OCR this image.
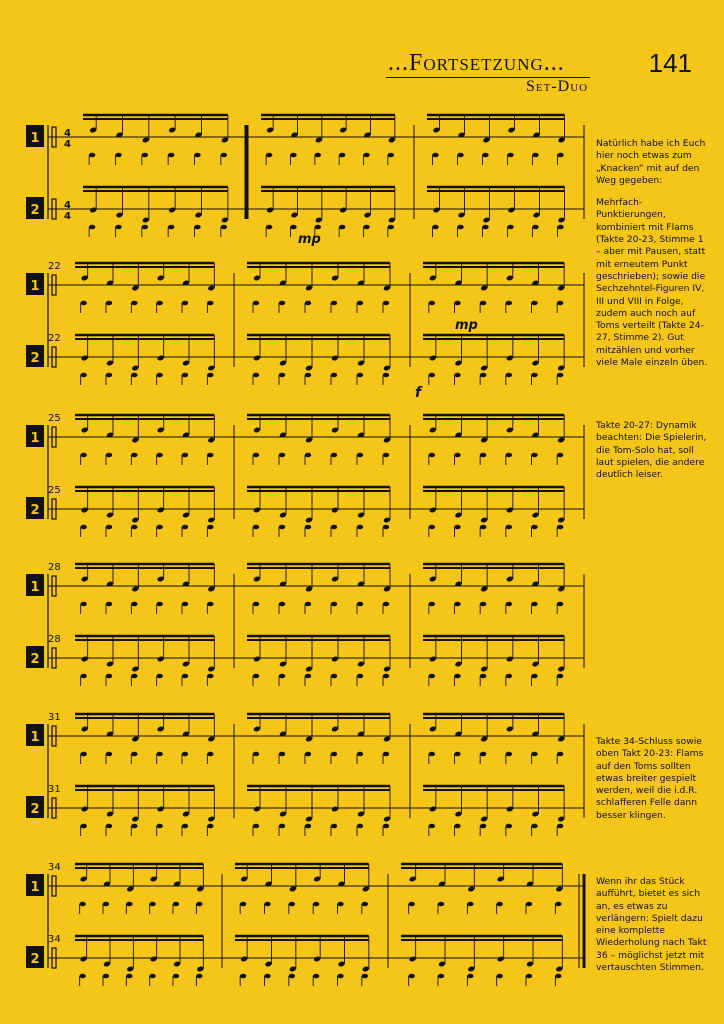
...Fortsetzung...	141
Set-Duo
1
2
4
4
4
4
mp
1
2
22
22
mp
f
1
2
25
25
1
2
28
28
1
2
31
31
1
2
34
34

Natürlich habe ich Euch hier noch etwas zum „Knacken“ mit auf den Weg gegeben:

Mehrfach-Punktierungen, kombiniert mit Flams (Takte 20-23, Stimme 1 – aber mit Pausen, statt mit erneutem Punkt geschrieben); sowie die Sechzehntel-Figuren IV, III und VIII in Folge, zudem auch noch auf Toms verteilt (Takte 24-27, Stimme 2). Gut mitzählen und vorher viele Male einzeln üben.

Takte 20-27: Dynamik beachten: Die Spielerin, die Tom-Solo hat, soll laut spielen, die andere deutlich leiser.

Takte 34-Schluss sowie oben Takt 20-23: Flams auf den Toms sollten etwas breiter gespielt werden, weil die i.d.R. schlafferen Felle dann besser klingen.

Wenn ihr das Stück aufführt, bietet es sich an, es etwas zu verlängern: Spielt dazu eine komplette Wiederholung nach Takt 36 – möglichst jetzt mit vertauschten Stimmen.
